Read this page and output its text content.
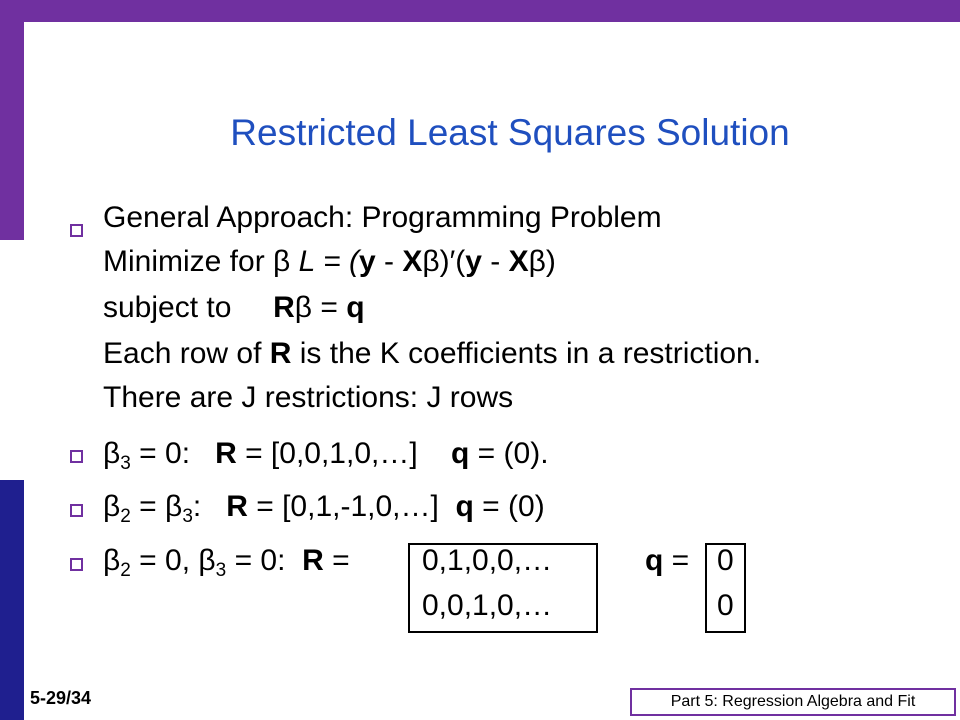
Restricted Least Squares Solution
General Approach: Programming Problem
Minimize for β L = (y - Xβ)′(y - Xβ)
subject to     Rβ = q
Each row of R is the K coefficients in a restriction.
There are J restrictions: J rows
$\beta_3 = 0$:   R = [0,0,1,0,…]    q = (0).
$\beta_2 = \beta_3$:   R = [0,1,-1,0,…]  q = (0)
$\beta_2 = 0$, $\beta_3 = 0$:  R = 0,1,0,0,…
0,0,1,0,…
q = 0
0
5-29/34	Part 5: Regression Algebra and Fit
